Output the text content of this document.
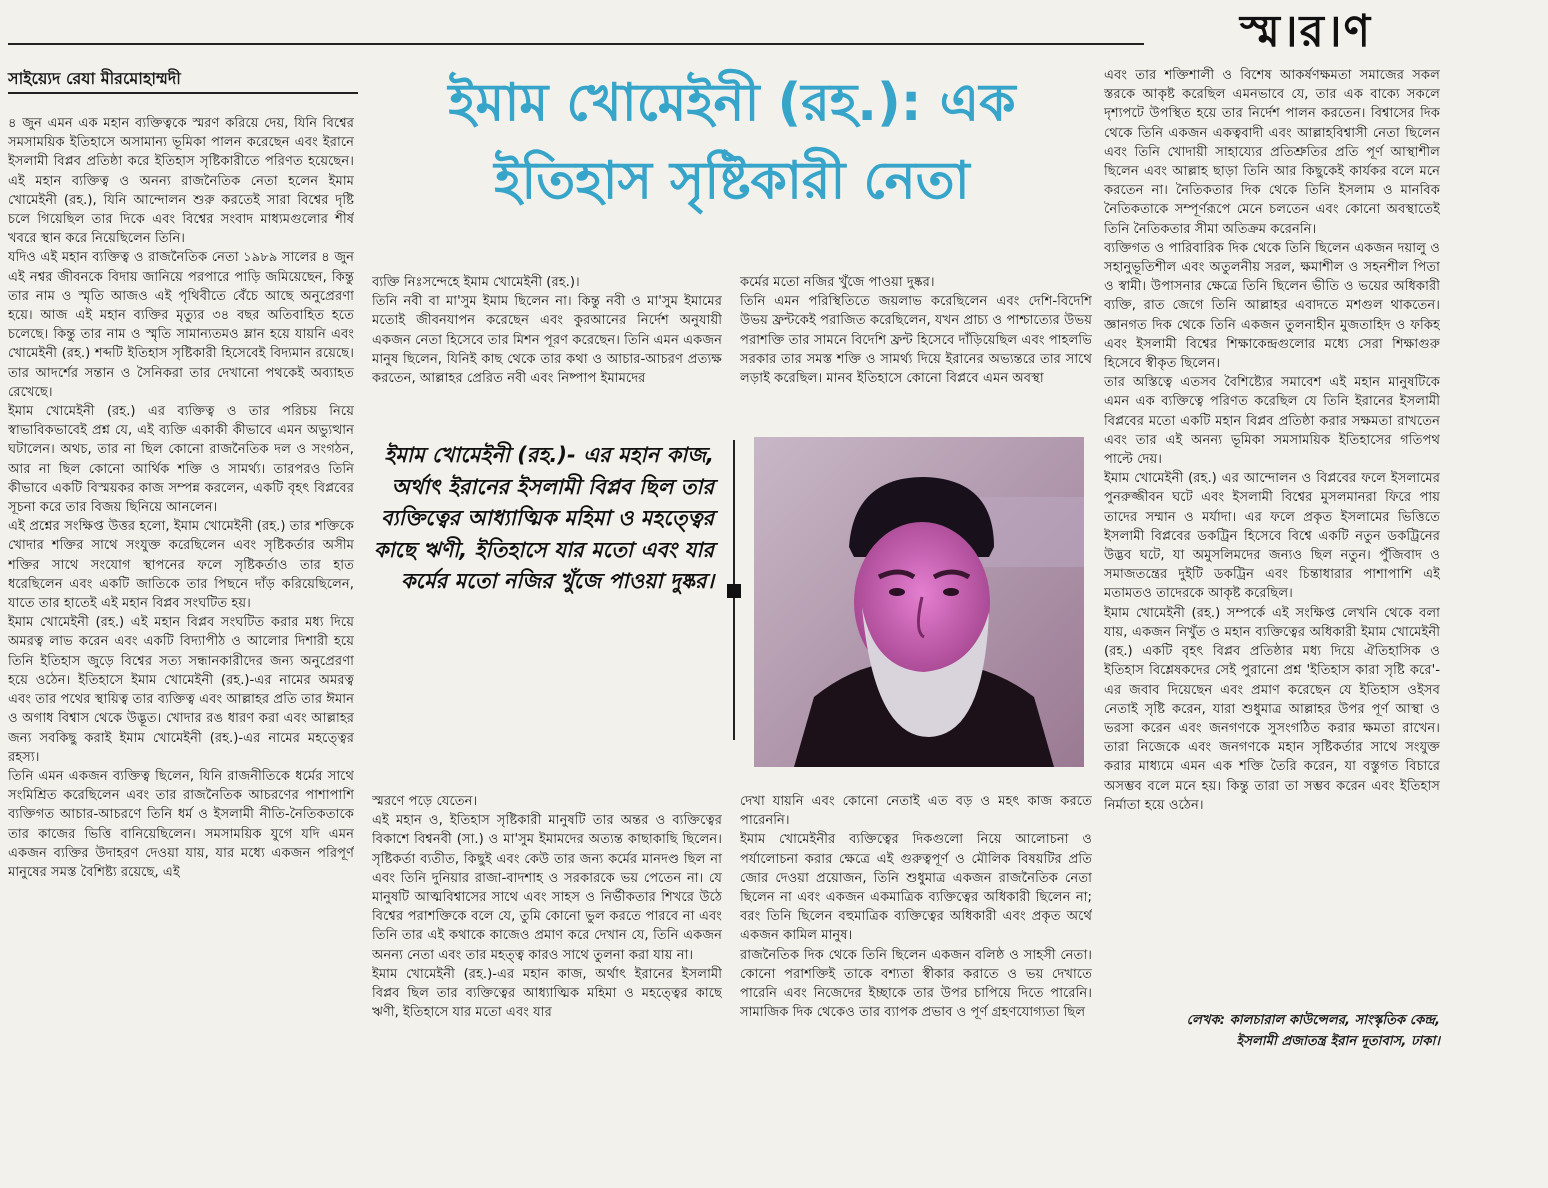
স্ম।র।ণ
সাইয়্যেদ রেযা মীরমোহাম্মদী	ইমাম খোমেইনী (রহ.): এক
ইতিহাস সৃষ্টিকারী নেতা

৪ জুন এমন এক মহান ব্যক্তিত্বকে স্মরণ করিয়ে দেয়, যিনি বিশ্বের সমসাময়িক ইতিহাসে অসামান্য ভূমিকা পালন করেছেন এবং ইরানে ইসলামী বিপ্লব প্রতিষ্ঠা করে ইতিহাস সৃষ্টিকারীতে পরিণত হয়েছেন। এই মহান ব্যক্তিত্ব ও অনন্য রাজনৈতিক নেতা হলেন ইমাম খোমেইনী (রহ.), যিনি আন্দোলন শুরু করতেই সারা বিশ্বের দৃষ্টি চলে গিয়েছিল তার দিকে এবং বিশ্বের সংবাদ মাধ্যমগুলোর শীর্ষ খবরে স্থান করে নিয়েছিলেন তিনি।

যদিও এই মহান ব্যক্তিত্ব ও রাজনৈতিক নেতা ১৯৮৯ সালের ৪ জুন এই নশ্বর জীবনকে বিদায় জানিয়ে পরপারে পাড়ি জমিয়েছেন, কিন্তু তার নাম ও স্মৃতি আজও এই পৃথিবীতে বেঁচে আছে অনুপ্রেরণা হয়ে। আজ এই মহান ব্যক্তির মৃত্যুর ৩৪ বছর অতিবাহিত হতে চলেছে। কিন্তু তার নাম ও স্মৃতি সামান্যতমও ম্লান হয়ে যায়নি এবং খোমেইনী (রহ.) শব্দটি ইতিহাস সৃষ্টিকারী হিসেবেই বিদ্যমান রয়েছে। তার আদর্শের সন্তান ও সৈনিকরা তার দেখানো পথকেই অব্যাহত রেখেছে।

ইমাম খোমেইনী (রহ.) এর ব্যক্তিত্ব ও তার পরিচয় নিয়ে স্বাভাবিকভাবেই প্রশ্ন যে, এই ব্যক্তি একাকী কীভাবে এমন অভ্যুত্থান ঘটালেন। অথচ, তার না ছিল কোনো রাজনৈতিক দল ও সংগঠন, আর না ছিল কোনো আর্থিক শক্তি ও সামর্থ্য। তারপরও তিনি কীভাবে একটি বিস্ময়কর কাজ সম্পন্ন করলেন, একটি বৃহৎ বিপ্লবের সূচনা করে তার বিজয় ছিনিয়ে আনলেন।

এই প্রশ্নের সংক্ষিপ্ত উত্তর হলো, ইমাম খোমেইনী (রহ.) তার শক্তিকে খোদার শক্তির সাথে সংযুক্ত করেছিলেন এবং সৃষ্টিকর্তার অসীম শক্তির সাথে সংযোগ স্থাপনের ফলে সৃষ্টিকর্তাও তার হাত ধরেছিলেন এবং একটি জাতিকে তার পিছনে দাঁড় করিয়েছিলেন, যাতে তার হাতেই এই মহান বিপ্লব সংঘটিত হয়।

ইমাম খোমেইনী (রহ.) এই মহান বিপ্লব সংঘটিত করার মধ্য দিয়ে অমরত্ব লাভ করেন এবং একটি বিদ্যাপীঠ ও আলোর দিশারী হয়ে তিনি ইতিহাস জুড়ে বিশ্বের সত্য সন্ধানকারীদের জন্য অনুপ্রেরণা হয়ে ওঠেন। ইতিহাসে ইমাম খোমেইনী (রহ.)-এর নামের অমরত্ব এবং তার পথের স্থায়িত্ব তার ব্যক্তিত্ব এবং আল্লাহর প্রতি তার ঈমান ও অগাধ বিশ্বাস থেকে উদ্ভূত। খোদার রঙ ধারণ করা এবং আল্লাহর জন্য সবকিছু করাই ইমাম খোমেইনী (রহ.)-এর নামের মহত্ত্বের রহস্য।

তিনি এমন একজন ব্যক্তিত্ব ছিলেন, যিনি রাজনীতিকে ধর্মের সাথে সংমিশ্রিত করেছিলেন এবং তার রাজনৈতিক আচরণের পাশাপাশি ব্যক্তিগত আচার-আচরণে তিনি ধর্ম ও ইসলামী নীতি-নৈতিকতাকে তার কাজের ভিত্তি বানিয়েছিলেন। সমসাময়িক যুগে যদি এমন একজন ব্যক্তির উদাহরণ দেওয়া যায়, যার মধ্যে একজন পরিপূর্ণ মানুষের সমস্ত বৈশিষ্ট্য রয়েছে, এই

ব্যক্তি নিঃসন্দেহে ইমাম খোমেইনী (রহ.)।

তিনি নবী বা মা'সুম ইমাম ছিলেন না। কিন্তু নবী ও মা'সুম ইমামের মতোই জীবনযাপন করেছেন এবং কুরআনের নির্দেশ অনুযায়ী একজন নেতা হিসেবে তার মিশন পূরণ করেছেন। তিনি এমন একজন মানুষ ছিলেন, যিনিই কাছ থেকে তার কথা ও আচার-আচরণ প্রত্যক্ষ করতেন, আল্লাহর প্রেরিত নবী এবং নিষ্পাপ ইমামদের

কর্মের মতো নজির খুঁজে পাওয়া দুষ্কর।

তিনি এমন পরিস্থিতিতে জয়লাভ করেছিলেন এবং দেশি-বিদেশি উভয় ফ্রন্টকেই পরাজিত করেছিলেন, যখন প্রাচ্য ও পাশ্চাত্যের উভয় পরাশক্তি তার সামনে বিদেশি ফ্রন্ট হিসেবে দাঁড়িয়েছিল এবং পাহলভি সরকার তার সমস্ত শক্তি ও সামর্থ্য দিয়ে ইরানের অভ্যন্তরে তার সাথে লড়াই করেছিল। মানব ইতিহাসে কোনো বিপ্লবে এমন অবস্থা

ইমাম খোমেইনী (রহ.)- এর মহান কাজ, অর্থাৎ ইরানের ইসলামী বিপ্লব ছিল তার ব্যক্তিত্বের আধ্যাত্মিক মহিমা ও মহত্ত্বের কাছে ঋণী, ইতিহাসে যার মতো এবং যার কর্মের মতো নজির খুঁজে পাওয়া দুষ্কর।

স্মরণে পড়ে যেতেন।

এই মহান ও, ইতিহাস সৃষ্টিকারী মানুষটি তার অন্তর ও ব্যক্তিত্বের বিকাশে বিশ্বনবী (সা.) ও মা'সুম ইমামদের অত্যন্ত কাছাকাছি ছিলেন। সৃষ্টিকর্তা ব্যতীত, কিছুই এবং কেউ তার জন্য কর্মের মানদণ্ড ছিল না এবং তিনি দুনিয়ার রাজা-বাদশাহ ও সরকারকে ভয় পেতেন না। যে মানুষটি আত্মবিশ্বাসের সাথে এবং সাহস ও নির্ভীকতার শিখরে উঠে বিশ্বের পরাশক্তিকে বলে যে, তুমি কোনো ভুল করতে পারবে না এবং তিনি তার এই কথাকে কাজেও প্রমাণ করে দেখান যে, তিনি একজন অনন্য নেতা এবং তার মহত্ত্ব কারও সাথে তুলনা করা যায় না।

ইমাম খোমেইনী (রহ.)-এর মহান কাজ, অর্থাৎ ইরানের ইসলামী বিপ্লব ছিল তার ব্যক্তিত্বের আধ্যাত্মিক মহিমা ও মহত্ত্বের কাছে ঋণী, ইতিহাসে যার মতো এবং যার

দেখা যায়নি এবং কোনো নেতাই এত বড় ও মহৎ কাজ করতে পারেননি।

ইমাম খোমেইনীর ব্যক্তিত্বের দিকগুলো নিয়ে আলোচনা ও পর্যালোচনা করার ক্ষেত্রে এই গুরুত্বপূর্ণ ও মৌলিক বিষয়টির প্রতি জোর দেওয়া প্রয়োজন, তিনি শুধুমাত্র একজন রাজনৈতিক নেতা ছিলেন না এবং একজন একমাত্রিক ব্যক্তিত্বের অধিকারী ছিলেন না; বরং তিনি ছিলেন বহুমাত্রিক ব্যক্তিত্বের অধিকারী এবং প্রকৃত অর্থে একজন কামিল মানুষ।

রাজনৈতিক দিক থেকে তিনি ছিলেন একজন বলিষ্ঠ ও সাহসী নেতা। কোনো পরাশক্তিই তাকে বশ্যতা স্বীকার করাতে ও ভয় দেখাতে পারেনি এবং নিজেদের ইচ্ছাকে তার উপর চাপিয়ে দিতে পারেনি। সামাজিক দিক থেকেও তার ব্যাপক প্রভাব ও পূর্ণ গ্রহণযোগ্যতা ছিল

এবং তার শক্তিশালী ও বিশেষ আকর্ষণক্ষমতা সমাজের সকল স্তরকে আকৃষ্ট করেছিল এমনভাবে যে, তার এক বাক্যে সকলে দৃশ্যপটে উপস্থিত হয়ে তার নির্দেশ পালন করতেন। বিশ্বাসের দিক থেকে তিনি একজন একত্ববাদী এবং আল্লাহবিশ্বাসী নেতা ছিলেন এবং তিনি খোদায়ী সাহায্যের প্রতিশ্রুতির প্রতি পূর্ণ আস্থাশীল ছিলেন এবং আল্লাহ ছাড়া তিনি আর কিছুকেই কার্যকর বলে মনে করতেন না। নৈতিকতার দিক থেকে তিনি ইসলাম ও মানবিক নৈতিকতাকে সম্পূর্ণরূপে মেনে চলতেন এবং কোনো অবস্থাতেই তিনি নৈতিকতার সীমা অতিক্রম করেননি।

ব্যক্তিগত ও পারিবারিক দিক থেকে তিনি ছিলেন একজন দয়ালু ও সহানুভূতিশীল এবং অতুলনীয় সরল, ক্ষমাশীল ও সহনশীল পিতা ও স্বামী। উপাসনার ক্ষেত্রে তিনি ছিলেন ভীতি ও ভয়ের অধিকারী ব্যক্তি, রাত জেগে তিনি আল্লাহর এবাদতে মশগুল থাকতেন। জ্ঞানগত দিক থেকে তিনি একজন তুলনাহীন মুজতাহিদ ও ফকিহ এবং ইসলামী বিশ্বের শিক্ষাকেন্দ্রগুলোর মধ্যে সেরা শিক্ষাগুরু হিসেবে স্বীকৃত ছিলেন।

তার অস্তিত্বে এতসব বৈশিষ্ট্যের সমাবেশ এই মহান মানুষটিকে এমন এক ব্যক্তিত্বে পরিণত করেছিল যে তিনি ইরানের ইসলামী বিপ্লবের মতো একটি মহান বিপ্লব প্রতিষ্ঠা করার সক্ষমতা রাখতেন এবং তার এই অনন্য ভূমিকা সমসাময়িক ইতিহাসের গতিপথ পাল্টে দেয়।

ইমাম খোমেইনী (রহ.) এর আন্দোলন ও বিপ্লবের ফলে ইসলামের পুনরুজ্জীবন ঘটে এবং ইসলামী বিশ্বের মুসলমানরা ফিরে পায় তাদের সম্মান ও মর্যাদা। এর ফলে প্রকৃত ইসলামের ভিত্তিতে ইসলামী বিপ্লবের ডকট্রিন হিসেবে বিশ্বে একটি নতুন ডকট্রিনের উদ্ভব ঘটে, যা অমুসলিমদের জন্যও ছিল নতুন। পুঁজিবাদ ও সমাজতন্ত্রের দুইটি ডকট্রিন এবং চিন্তাধারার পাশাপাশি এই মতামতও তাদেরকে আকৃষ্ট করেছিল।

ইমাম খোমেইনী (রহ.) সম্পর্কে এই সংক্ষিপ্ত লেখনি থেকে বলা যায়, একজন নিখুঁত ও মহান ব্যক্তিত্বের অধিকারী ইমাম খোমেইনী (রহ.) একটি বৃহৎ বিপ্লব প্রতিষ্ঠার মধ্য দিয়ে ঐতিহাসিক ও ইতিহাস বিশ্লেষকদের সেই পুরানো প্রশ্ন 'ইতিহাস কারা সৃষ্টি করে'- এর জবাব দিয়েছেন এবং প্রমাণ করেছেন যে ইতিহাস ওইসব নেতাই সৃষ্টি করেন, যারা শুধুমাত্র আল্লাহর উপর পূর্ণ আস্থা ও ভরসা করেন এবং জনগণকে সুসংগঠিত করার ক্ষমতা রাখেন। তারা নিজেকে এবং জনগণকে মহান সৃষ্টিকর্তার সাথে সংযুক্ত করার মাধ্যমে এমন এক শক্তি তৈরি করেন, যা বস্তুগত বিচারে অসম্ভব বলে মনে হয়। কিন্তু তারা তা সম্ভব করেন এবং ইতিহাস নির্মাতা হয়ে ওঠেন।

লেখক: কালচারাল কাউন্সেলর, সাংস্কৃতিক কেন্দ্র,
ইসলামী প্রজাতন্ত্র ইরান দূতাবাস, ঢাকা।
